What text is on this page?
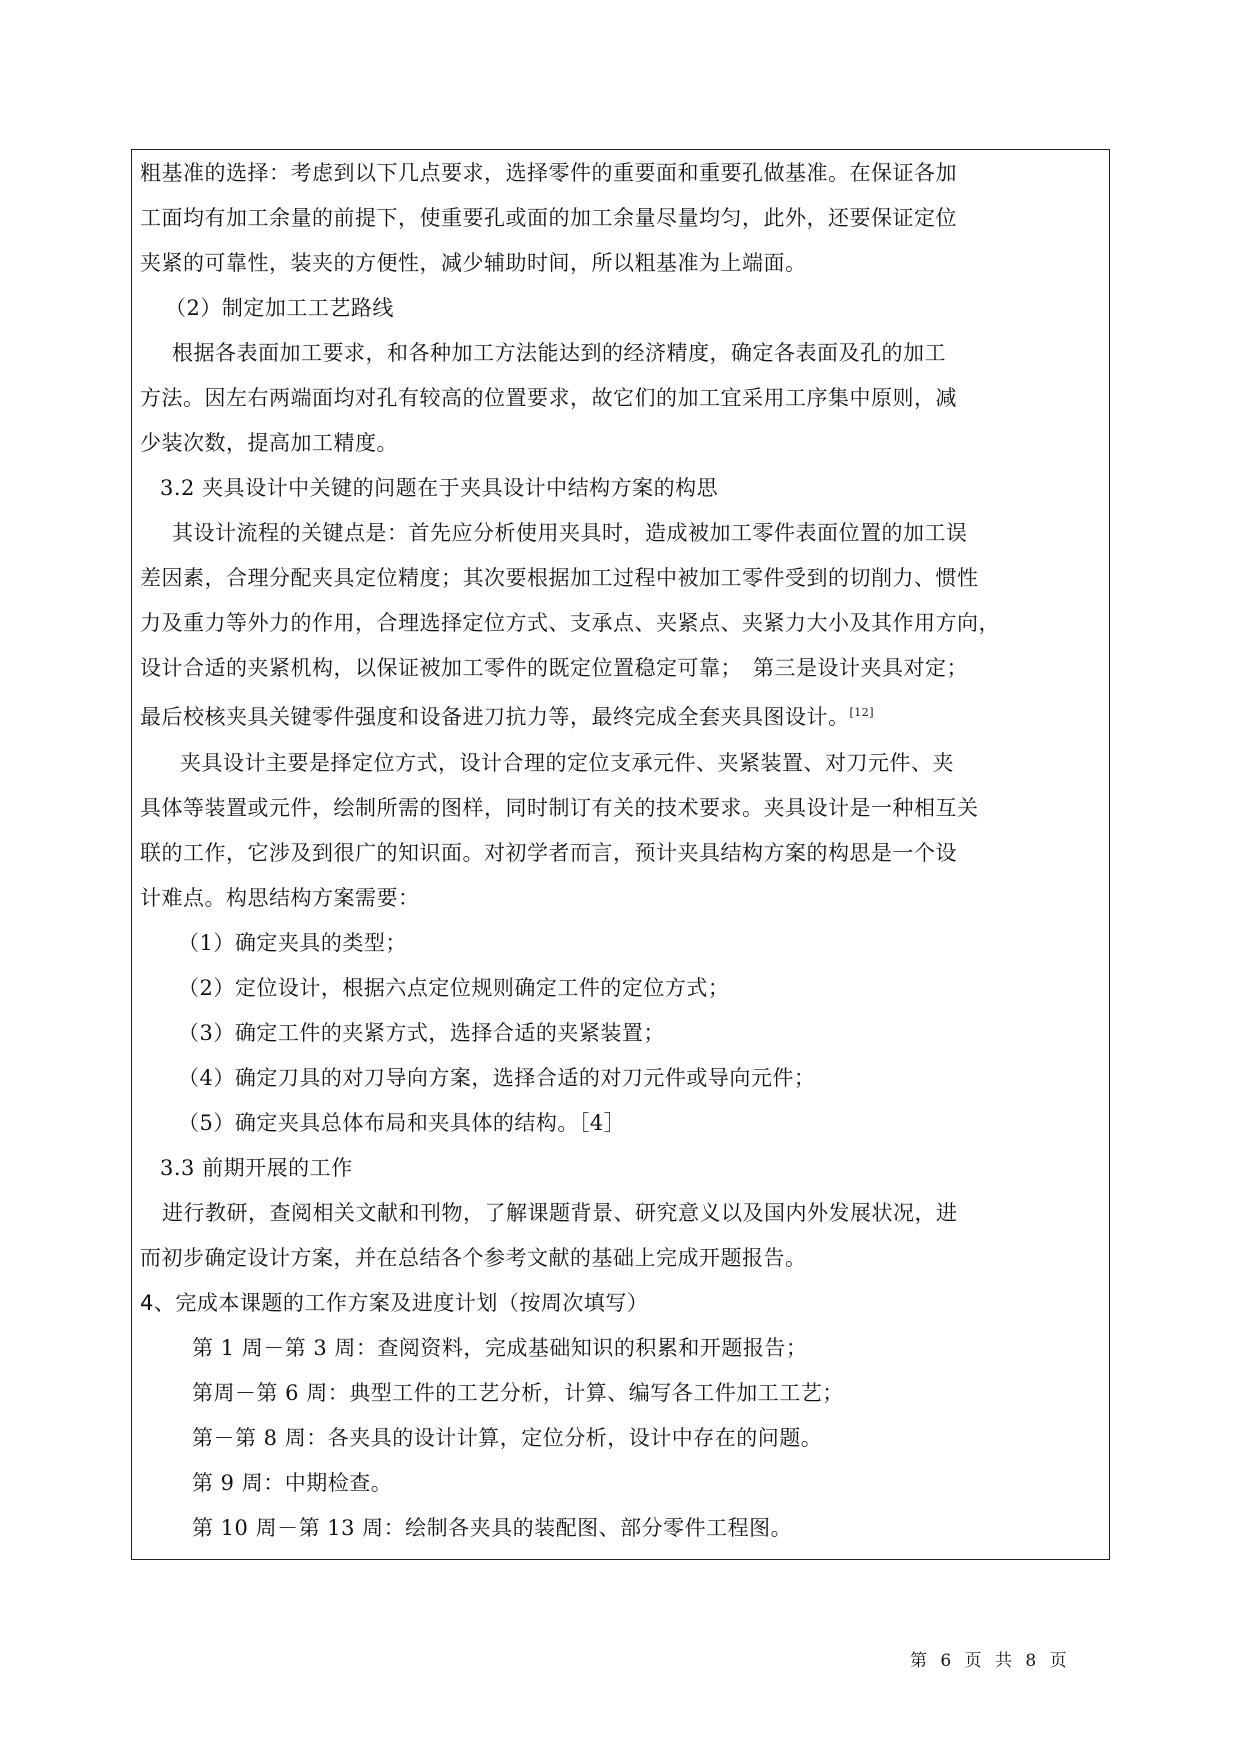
粗基准的选择：考虑到以下几点要求，选择零件的重要面和重要孔做基准。在保证各加
工面均有加工余量的前提下，使重要孔或面的加工余量尽量均匀，此外，还要保证定位
夹紧的可靠性，装夹的方便性，减少辅助时间，所以粗基准为上端面。
（2）制定加工工艺路线
根据各表面加工要求，和各种加工方法能达到的经济精度，确定各表面及孔的加工
方法。因左右两端面均对孔有较高的位置要求，故它们的加工宜采用工序集中原则，减
少装次数，提高加工精度。
3.2 夹具设计中关键的问题在于夹具设计中结构方案的构思
其设计流程的关键点是：首先应分析使用夹具时，造成被加工零件表面位置的加工误
差因素，合理分配夹具定位精度；其次要根据加工过程中被加工零件受到的切削力、惯性
力及重力等外力的作用，合理选择定位方式、支承点、夹紧点、夹紧力大小及其作用方向，
设计合适的夹紧机构，以保证被加工零件的既定位置稳定可靠；　第三是设计夹具对定；
最后校核夹具关键零件强度和设备进刀抗力等，最终完成全套夹具图设计。[12]
夹具设计主要是择定位方式，设计合理的定位支承元件、夹紧装置、对刀元件、夹
具体等装置或元件，绘制所需的图样，同时制订有关的技术要求。夹具设计是一种相互关
联的工作，它涉及到很广的知识面。对初学者而言，预计夹具结构方案的构思是一个设
计难点。构思结构方案需要：
（1）确定夹具的类型；
（2）定位设计，根据六点定位规则确定工件的定位方式；
（3）确定工件的夹紧方式，选择合适的夹紧装置；
（4）确定刀具的对刀导向方案，选择合适的对刀元件或导向元件；
（5）确定夹具总体布局和夹具体的结构。［4］
3.3 前期开展的工作
进行教研，查阅相关文献和刊物，了解课题背景、研究意义以及国内外发展状况，进
而初步确定设计方案，并在总结各个参考文献的基础上完成开题报告。
4、完成本课题的工作方案及进度计划（按周次填写）
第 1 周－第 3 周：查阅资料，完成基础知识的积累和开题报告；
第周－第 6 周：典型工件的工艺分析，计算、编写各工件加工工艺；
第－第 8 周：各夹具的设计计算，定位分析，设计中存在的问题。
第 9 周：中期检查。
第 10 周－第 13 周：绘制各夹具的装配图、部分零件工程图。
第 6 页 共 8 页
